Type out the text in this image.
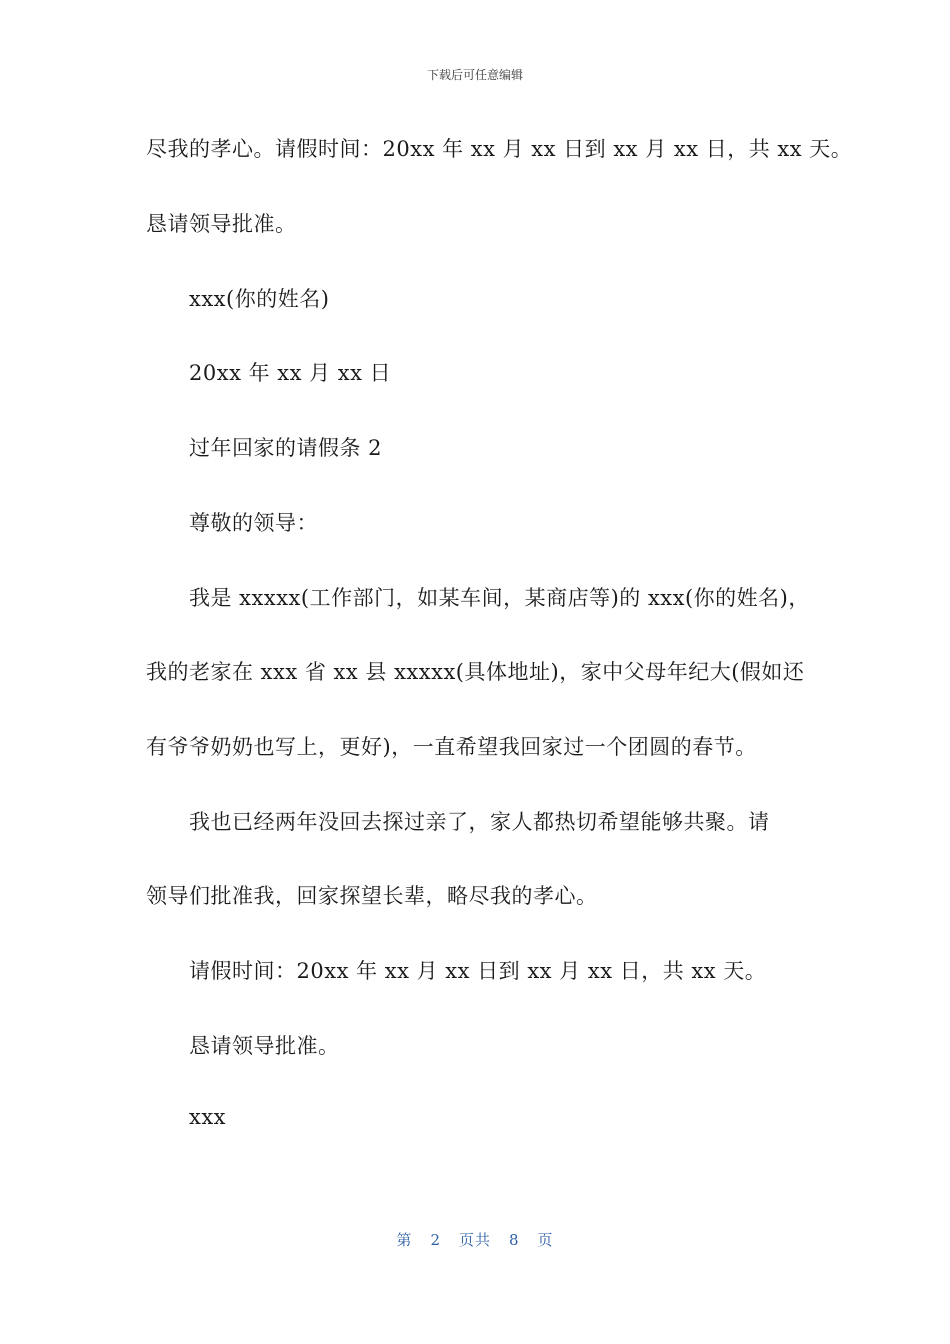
下载后可任意编辑
尽我的孝心。请假时间：20xx 年 xx 月 xx 日到 xx 月 xx 日，共 xx 天。
恳请领导批准。
xxx(你的姓名)
20xx 年 xx 月 xx 日
过年回家的请假条 2
尊敬的领导：
我是 xxxxx(工作部门，如某车间，某商店等)的 xxx(你的姓名)，
我的老家在 xxx 省 xx 县 xxxxx(具体地址)，家中父母年纪大(假如还
有爷爷奶奶也写上，更好)，一直希望我回家过一个团圆的春节。
我也已经两年没回去探过亲了，家人都热切希望能够共聚。请
领导们批准我，回家探望长辈，略尽我的孝心。
请假时间：20xx 年 xx 月 xx 日到 xx 月 xx 日，共 xx 天。
恳请领导批准。
xxx
第 2 页共 8 页
